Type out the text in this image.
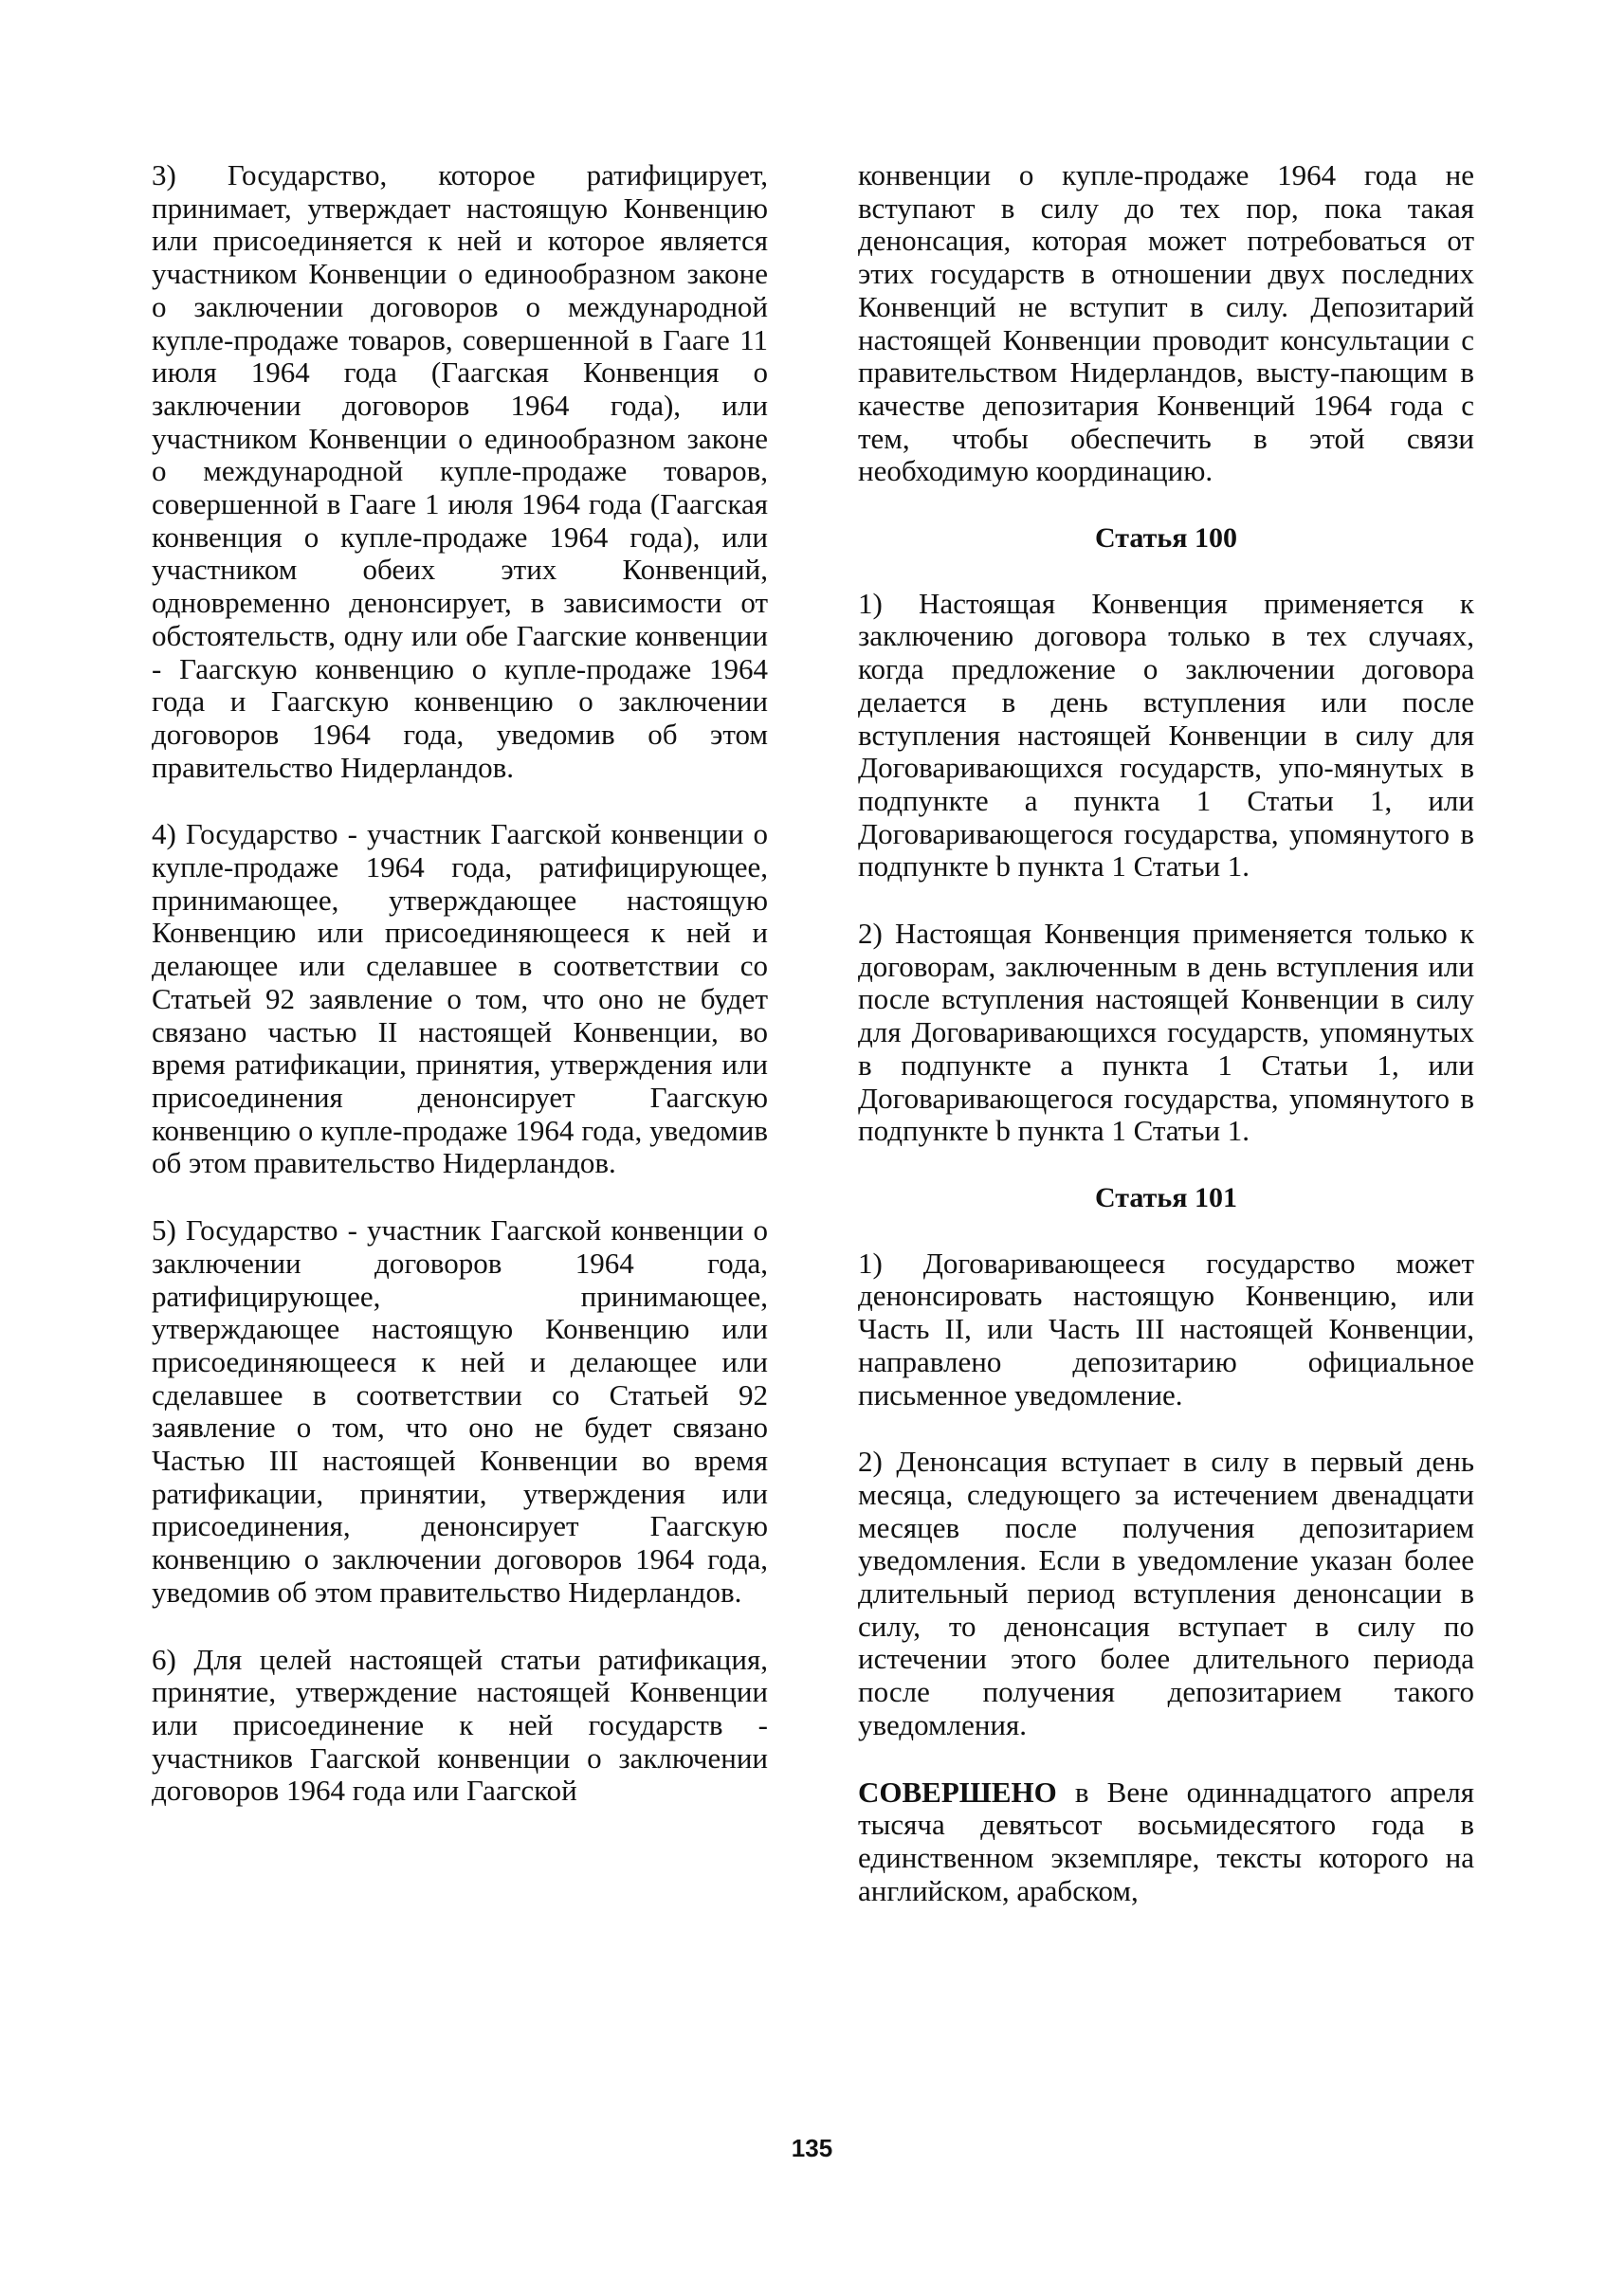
3) Государство, которое ратифицирует, принимает, утверждает настоящую Конвенцию или присоединяется к ней и которое является участником Конвенции о единообразном законе о заключении договоров о международной купле-продаже товаров, совершенной в Гааге 11 июля 1964 года (Гаагская Конвенция о заключении договоров 1964 года), или участником Конвенции о единообразном законе о международной купле-продаже товаров, совершенной в Гааге 1 июля 1964 года (Гаагская конвенция о купле-продаже 1964 года), или участником обеих этих Конвенций, одновременно денонсирует, в зависимости от обстоятельств, одну или обе Гаагские конвенции - Гаагскую конвенцию о купле-продаже 1964 года и Гаагскую конвенцию о заключении договоров 1964 года, уведомив об этом правительство Нидерландов.

4) Государство - участник Гаагской конвенции о купле-продаже 1964 года, ратифицирующее, принимающее, утверждающее настоящую Конвенцию или присоединяющееся к ней и делающее или сделавшее в соответствии со Статьей 92 заявление о том, что оно не будет связано частью II настоящей Конвенции, во время ратификации, принятия, утверждения или присоединения денонсирует Гаагскую конвенцию о купле-продаже 1964 года, уведомив об этом правительство Нидерландов.

5) Государство - участник Гаагской конвенции о заключении договоров 1964 года, ратифицирующее, принимающее, утверждающее настоящую Конвенцию или присоединяющееся к ней и делающее или сделавшее в соответствии со Статьей 92 заявление о том, что оно не будет связано Частью III настоящей Конвенции во время ратификации, принятии, утверждения или присоединения, денонсирует Гаагскую конвенцию о заключении договоров 1964 года, уведомив об этом правительство Нидерландов.

6) Для целей настоящей статьи ратификация, принятие, утверждение настоящей Конвенции или присоединение к ней государств - участников Гаагской конвенции о заключении договоров 1964 года или Гаагской

конвенции о купле-продаже 1964 года не вступают в силу до тех пор, пока такая денонсация, которая может потребоваться от этих государств в отношении двух последних Конвенций не вступит в силу. Депозитарий настоящей Конвенции проводит консультации с правительством Нидерландов, высту-пающим в качестве депозитария Конвенций 1964 года с тем, чтобы обеспечить в этой связи необходимую координацию.

Статья 100

1) Настоящая Конвенция применяется к заключению договора только в тех случаях, когда предложение о заключении договора делается в день вступления или после вступления настоящей Конвенции в силу для Договаривающихся государств, упо-мянутых в подпункте а пункта 1 Статьи 1, или Договаривающегося государства, упомянутого в подпункте b пункта 1 Статьи 1.

2) Настоящая Конвенция применяется только к договорам, заключенным в день вступления или после вступления настоящей Конвенции в силу для Договаривающихся государств, упомянутых в подпункте а пункта 1 Статьи 1, или Договаривающегося государства, упомянутого в подпункте b пункта 1 Статьи 1.

Статья 101

1) Договаривающееся государство может денонсировать настоящую Конвенцию, или Часть II, или Часть III настоящей Конвенции, направлено депозитарию официальное письменное уведомление.

2) Денонсация вступает в силу в первый день месяца, следующего за истечением двенадцати месяцев после получения депозитарием уведомления. Если в уведомление указан более длительный период вступления денонсации в силу, то денонсация вступает в силу по истечении этого более длительного периода после получения депозитарием такого уведомления.

СОВЕРШЕНО в Вене одиннадцатого апреля тысяча девятьсот восьмидесятого года в единственном экземпляре, тексты которого на английском, арабском,

135
